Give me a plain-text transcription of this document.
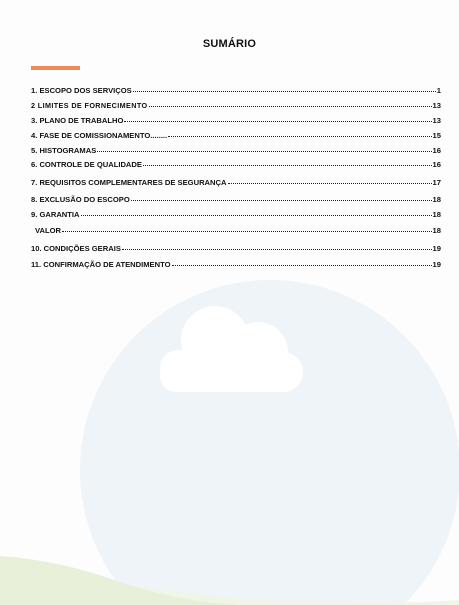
SUMÁRIO
1. ESCOPO DOS SERVIÇOS	1
2 LIMITES DE FORNECIMENTO	13
3. PLANO DE TRABALHO	13
4. FASE DE COMISSIONAMENTO........	15
5. HISTOGRAMAS	16
6. CONTROLE DE QUALIDADE	16
7. REQUISITOS COMPLEMENTARES DE SEGURANÇA	17
8. EXCLUSÃO DO ESCOPO	18
9. GARANTIA	18
VALOR	18
10. CONDIÇÕES GERAIS	19
11. CONFIRMAÇÃO DE ATENDIMENTO	19
